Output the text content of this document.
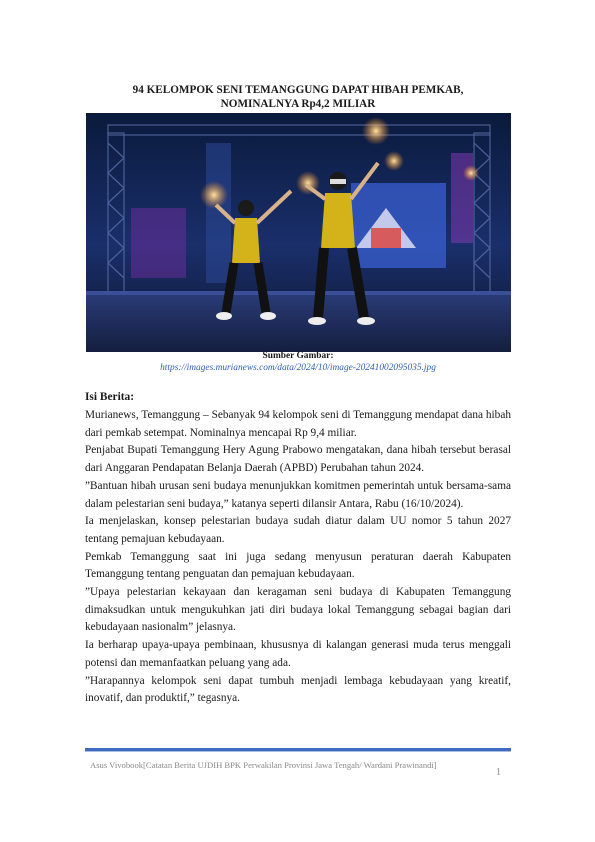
94 KELOMPOK SENI TEMANGGUNG DAPAT HIBAH PEMKAB,
NOMINALNYA Rp4,2 MILIAR
Sumber Gambar:
https://images.murianews.com/data/2024/10/image-20241002095035.jpg
Isi Berita:

Murianews, Temanggung – Sebanyak 94 kelompok seni di Temanggung mendapat dana hibah dari pemkab setempat. Nominalnya mencapai Rp 9,4 miliar.

Penjabat Bupati Temanggung Hery Agung Prabowo mengatakan, dana hibah tersebut berasal dari Anggaran Pendapatan Belanja Daerah (APBD) Perubahan tahun 2024.

”Bantuan hibah urusan seni budaya menunjukkan komitmen pemerintah untuk bersama-sama dalam pelestarian seni budaya,” katanya seperti dilansir Antara, Rabu (16/10/2024).

Ia menjelaskan, konsep pelestarian budaya sudah diatur dalam UU nomor 5 tahun 2027 tentang pemajuan kebudayaan.

Pemkab Temanggung saat ini juga sedang menyusun peraturan daerah Kabupaten Temanggung tentang penguatan dan pemajuan kebudayaan.

”Upaya pelestarian kekayaan dan keragaman seni budaya di Kabupaten Temanggung dimaksudkan untuk mengukuhkan jati diri budaya lokal Temanggung sebagai bagian dari kebudayaan nasionalm” jelasnya.

Ia berharap upaya-upaya pembinaan, khususnya di kalangan generasi muda terus menggali potensi dan memanfaatkan peluang yang ada.

”Harapannya kelompok seni dapat tumbuh menjadi lembaga kebudayaan yang kreatif, inovatif, dan produktif,” tegasnya.

Asus Vivobook[Catatan Berita UJDIH BPK Perwakilan Provinsi Jawa Tengah/ Wardani Prawinandi]
1
